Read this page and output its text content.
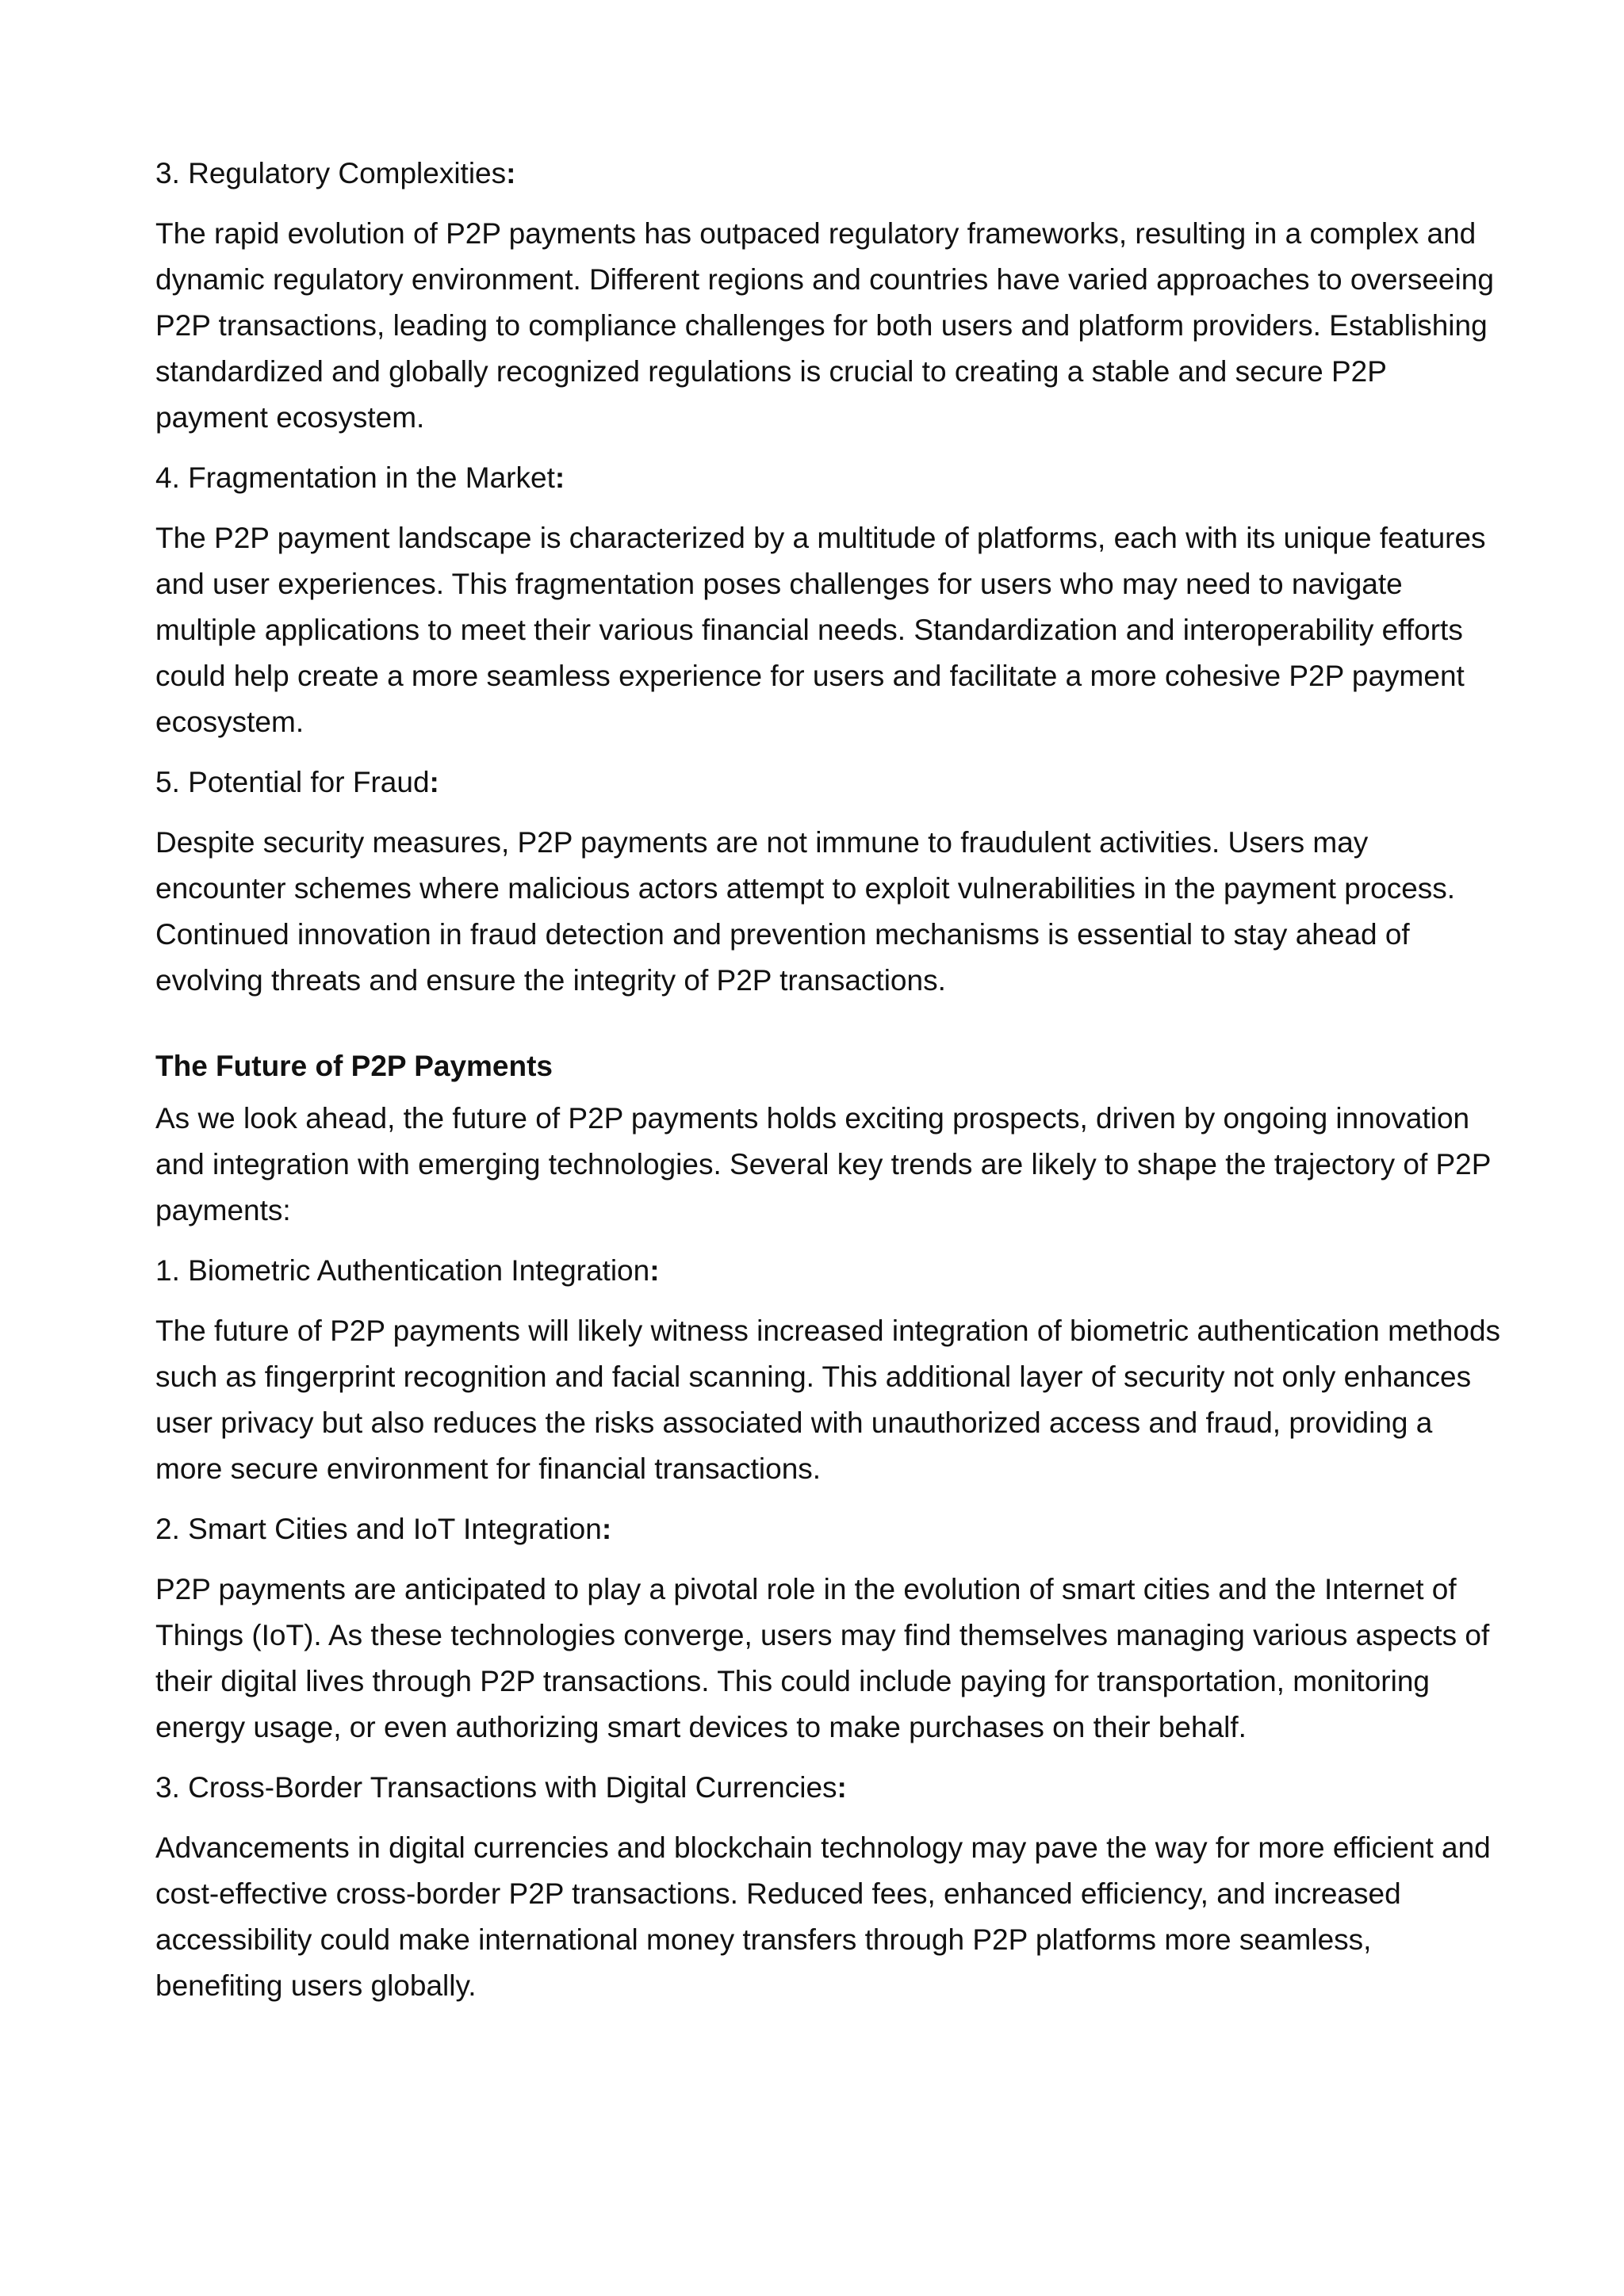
3. Regulatory Complexities:

The rapid evolution of P2P payments has outpaced regulatory frameworks, resulting in a complex and dynamic regulatory environment. Different regions and countries have varied approaches to overseeing P2P transactions, leading to compliance challenges for both users and platform providers. Establishing standardized and globally recognized regulations is crucial to creating a stable and secure P2P payment ecosystem.

4. Fragmentation in the Market:

The P2P payment landscape is characterized by a multitude of platforms, each with its unique features and user experiences. This fragmentation poses challenges for users who may need to navigate multiple applications to meet their various financial needs. Standardization and interoperability efforts could help create a more seamless experience for users and facilitate a more cohesive P2P payment ecosystem.

5. Potential for Fraud:

Despite security measures, P2P payments are not immune to fraudulent activities. Users may encounter schemes where malicious actors attempt to exploit vulnerabilities in the payment process. Continued innovation in fraud detection and prevention mechanisms is essential to stay ahead of evolving threats and ensure the integrity of P2P transactions.

The Future of P2P Payments

As we look ahead, the future of P2P payments holds exciting prospects, driven by ongoing innovation and integration with emerging technologies. Several key trends are likely to shape the trajectory of P2P payments:

1. Biometric Authentication Integration:

The future of P2P payments will likely witness increased integration of biometric authentication methods such as fingerprint recognition and facial scanning. This additional layer of security not only enhances user privacy but also reduces the risks associated with unauthorized access and fraud, providing a more secure environment for financial transactions.

2. Smart Cities and IoT Integration:

P2P payments are anticipated to play a pivotal role in the evolution of smart cities and the Internet of Things (IoT). As these technologies converge, users may find themselves managing various aspects of their digital lives through P2P transactions. This could include paying for transportation, monitoring energy usage, or even authorizing smart devices to make purchases on their behalf.

3. Cross-Border Transactions with Digital Currencies:

Advancements in digital currencies and blockchain technology may pave the way for more efficient and cost-effective cross-border P2P transactions. Reduced fees, enhanced efficiency, and increased accessibility could make international money transfers through P2P platforms more seamless, benefiting users globally.
